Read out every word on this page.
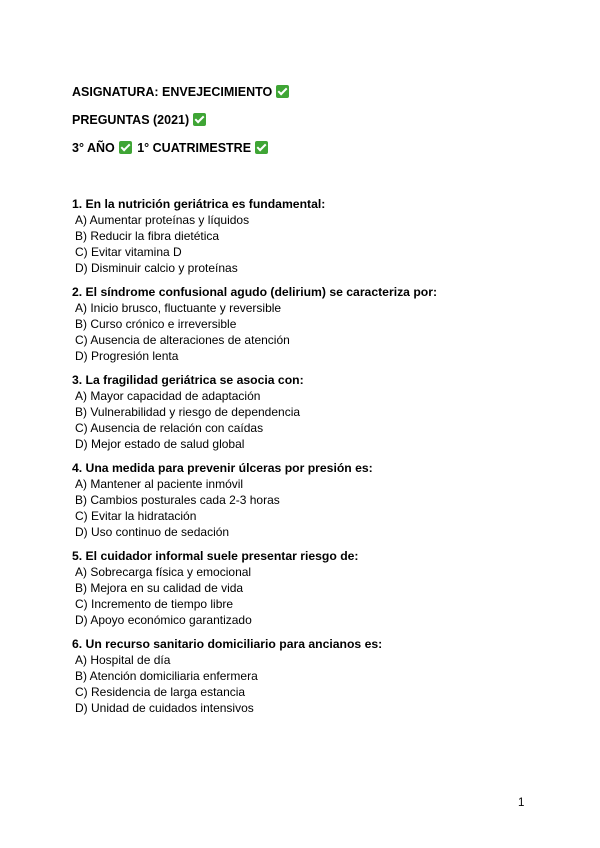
ASIGNATURA: ENVEJECIMIENTO
PREGUNTAS (2021)
3° AÑO 1° CUATRIMESTRE
1. En la nutrición geriátrica es fundamental:
A) Aumentar proteínas y líquidos
B) Reducir la fibra dietética
C) Evitar vitamina D
D) Disminuir calcio y proteínas
2. El síndrome confusional agudo (delirium) se caracteriza por:
A) Inicio brusco, fluctuante y reversible
B) Curso crónico e irreversible
C) Ausencia de alteraciones de atención
D) Progresión lenta
3. La fragilidad geriátrica se asocia con:
A) Mayor capacidad de adaptación
B) Vulnerabilidad y riesgo de dependencia
C) Ausencia de relación con caídas
D) Mejor estado de salud global
4. Una medida para prevenir úlceras por presión es:
A) Mantener al paciente inmóvil
B) Cambios posturales cada 2-3 horas
C) Evitar la hidratación
D) Uso continuo de sedación
5. El cuidador informal suele presentar riesgo de:
A) Sobrecarga física y emocional
B) Mejora en su calidad de vida
C) Incremento de tiempo libre
D) Apoyo económico garantizado
6. Un recurso sanitario domiciliario para ancianos es:
A) Hospital de día
B) Atención domiciliaria enfermera
C) Residencia de larga estancia
D) Unidad de cuidados intensivos
1
